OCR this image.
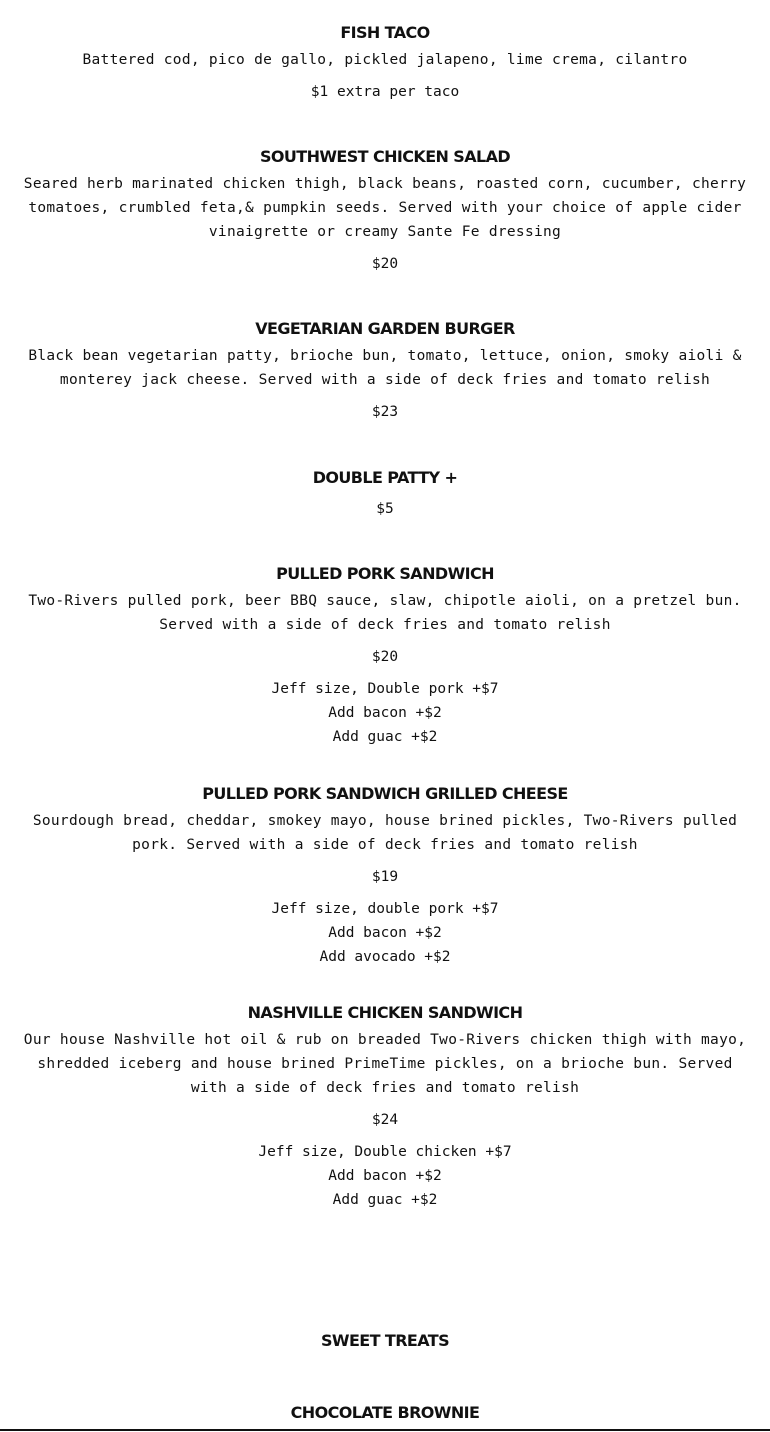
FISH TACO

Battered cod, pico de gallo, pickled jalapeno, lime crema, cilantro

$1 extra per taco
SOUTHWEST CHICKEN SALAD

Seared herb marinated chicken thigh, black beans, roasted corn, cucumber, cherry tomatoes, crumbled feta,& pumpkin seeds. Served with your choice of apple cider vinaigrette or creamy Sante Fe dressing

$20
VEGETARIAN GARDEN BURGER

Black bean vegetarian patty, brioche bun, tomato, lettuce, onion, smoky aioli & monterey jack cheese. Served with a side of deck fries and tomato relish

$23
DOUBLE PATTY +
$5
PULLED PORK SANDWICH

Two-Rivers pulled pork, beer BBQ sauce, slaw, chipotle aioli, on a pretzel bun. Served with a side of deck fries and tomato relish

$20
Jeff size, Double pork +$7
Add bacon +$2
Add guac +$2
PULLED PORK SANDWICH GRILLED CHEESE

Sourdough bread, cheddar, smokey mayo, house brined pickles, Two-Rivers pulled pork. Served with a side of deck fries and tomato relish

$19
Jeff size, double pork +$7
Add bacon +$2
Add avocado +$2
NASHVILLE CHICKEN SANDWICH

Our house Nashville hot oil & rub on breaded Two-Rivers chicken thigh with mayo, shredded iceberg and house brined PrimeTime pickles, on a brioche bun. Served with a side of deck fries and tomato relish

$24
Jeff size, Double chicken +$7
Add bacon +$2
Add guac +$2
SWEET TREATS
CHOCOLATE BROWNIE
